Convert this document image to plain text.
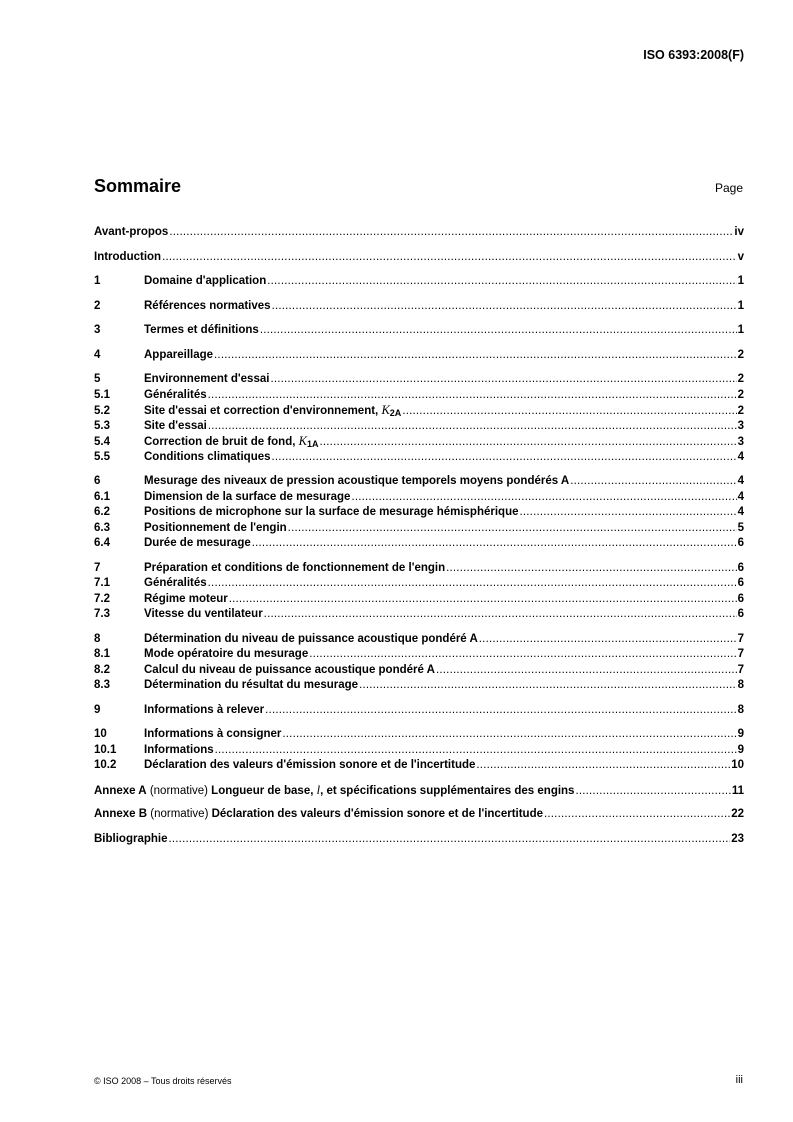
ISO 6393:2008(F)
Sommaire	Page
Avant-propos .....	iv
Introduction .....	v
1	Domaine d'application .....	1
2	Références normatives .....	1
3	Termes et définitions .....	1
4	Appareillage .....	2
5	Environnement d'essai .....	2
5.1	Généralités .....	2
5.2	Site d'essai et correction d'environnement, $K_{2A}$ .....	2
5.3	Site d'essai .....	3
5.4	Correction de bruit de fond, $K_{1A}$ .....	3
5.5	Conditions climatiques .....	4
6	Mesurage des niveaux de pression acoustique temporels moyens pondérés A .....	4
6.1	Dimension de la surface de mesurage .....	4
6.2	Positions de microphone sur la surface de mesurage hémisphérique .....	4
6.3	Positionnement de l'engin .....	5
6.4	Durée de mesurage .....	6
7	Préparation et conditions de fonctionnement de l'engin .....	6
7.1	Généralités .....	6
7.2	Régime moteur .....	6
7.3	Vitesse du ventilateur .....	6
8	Détermination du niveau de puissance acoustique pondéré A .....	7
8.1	Mode opératoire du mesurage .....	7
8.2	Calcul du niveau de puissance acoustique pondéré A .....	7
8.3	Détermination du résultat du mesurage .....	8
9	Informations à relever .....	8
10	Informations à consigner .....	9
10.1	Informations .....	9
10.2	Déclaration des valeurs d'émission sonore et de l'incertitude .....	10
Annexe A (normative) Longueur de base, l, et spécifications supplémentaires des engins .....	11
Annexe B (normative) Déclaration des valeurs d'émission sonore et de l'incertitude .....	22
Bibliographie .....	23
© ISO 2008 – Tous droits réservés	iii
